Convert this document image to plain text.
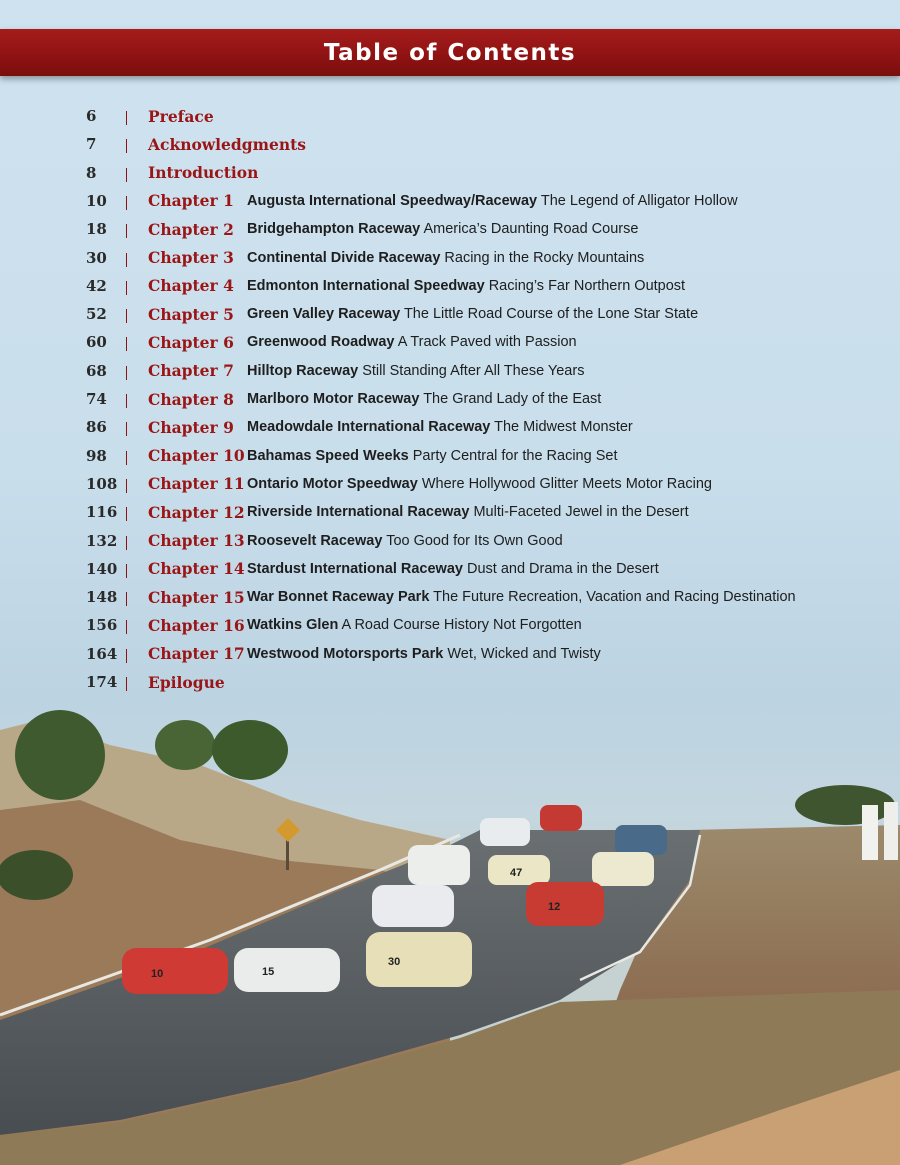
Table of Contents
6	Preface
7	Acknowledgments
8	Introduction
10	Chapter 1 Augusta International Speedway/Raceway The Legend of Alligator Hollow
18	Chapter 2 Bridgehampton Raceway America’s Daunting Road Course
30	Chapter 3 Continental Divide Raceway Racing in the Rocky Mountains
42	Chapter 4 Edmonton International Speedway Racing’s Far Northern Outpost
52	Chapter 5 Green Valley Raceway The Little Road Course of the Lone Star State
60	Chapter 6 Greenwood Roadway A Track Paved with Passion
68	Chapter 7 Hilltop Raceway Still Standing After All These Years
74	Chapter 8 Marlboro Motor Raceway The Grand Lady of the East
86	Chapter 9 Meadowdale International Raceway The Midwest Monster
98	Chapter 10 Bahamas Speed Weeks Party Central for the Racing Set
108	Chapter 11 Ontario Motor Speedway Where Hollywood Glitter Meets Motor Racing
116	Chapter 12 Riverside International Raceway Multi-Faceted Jewel in the Desert
132	Chapter 13 Roosevelt Raceway Too Good for Its Own Good
140	Chapter 14 Stardust International Raceway Dust and Drama in the Desert
148	Chapter 15 War Bonnet Raceway Park The Future Recreation, Vacation and Racing Destination
156	Chapter 16 Watkins Glen A Road Course History Not Forgotten
164	Chapter 17 Westwood Motorsports Park Wet, Wicked and Twisty
174	Epilogue
10	15
30
47
12
